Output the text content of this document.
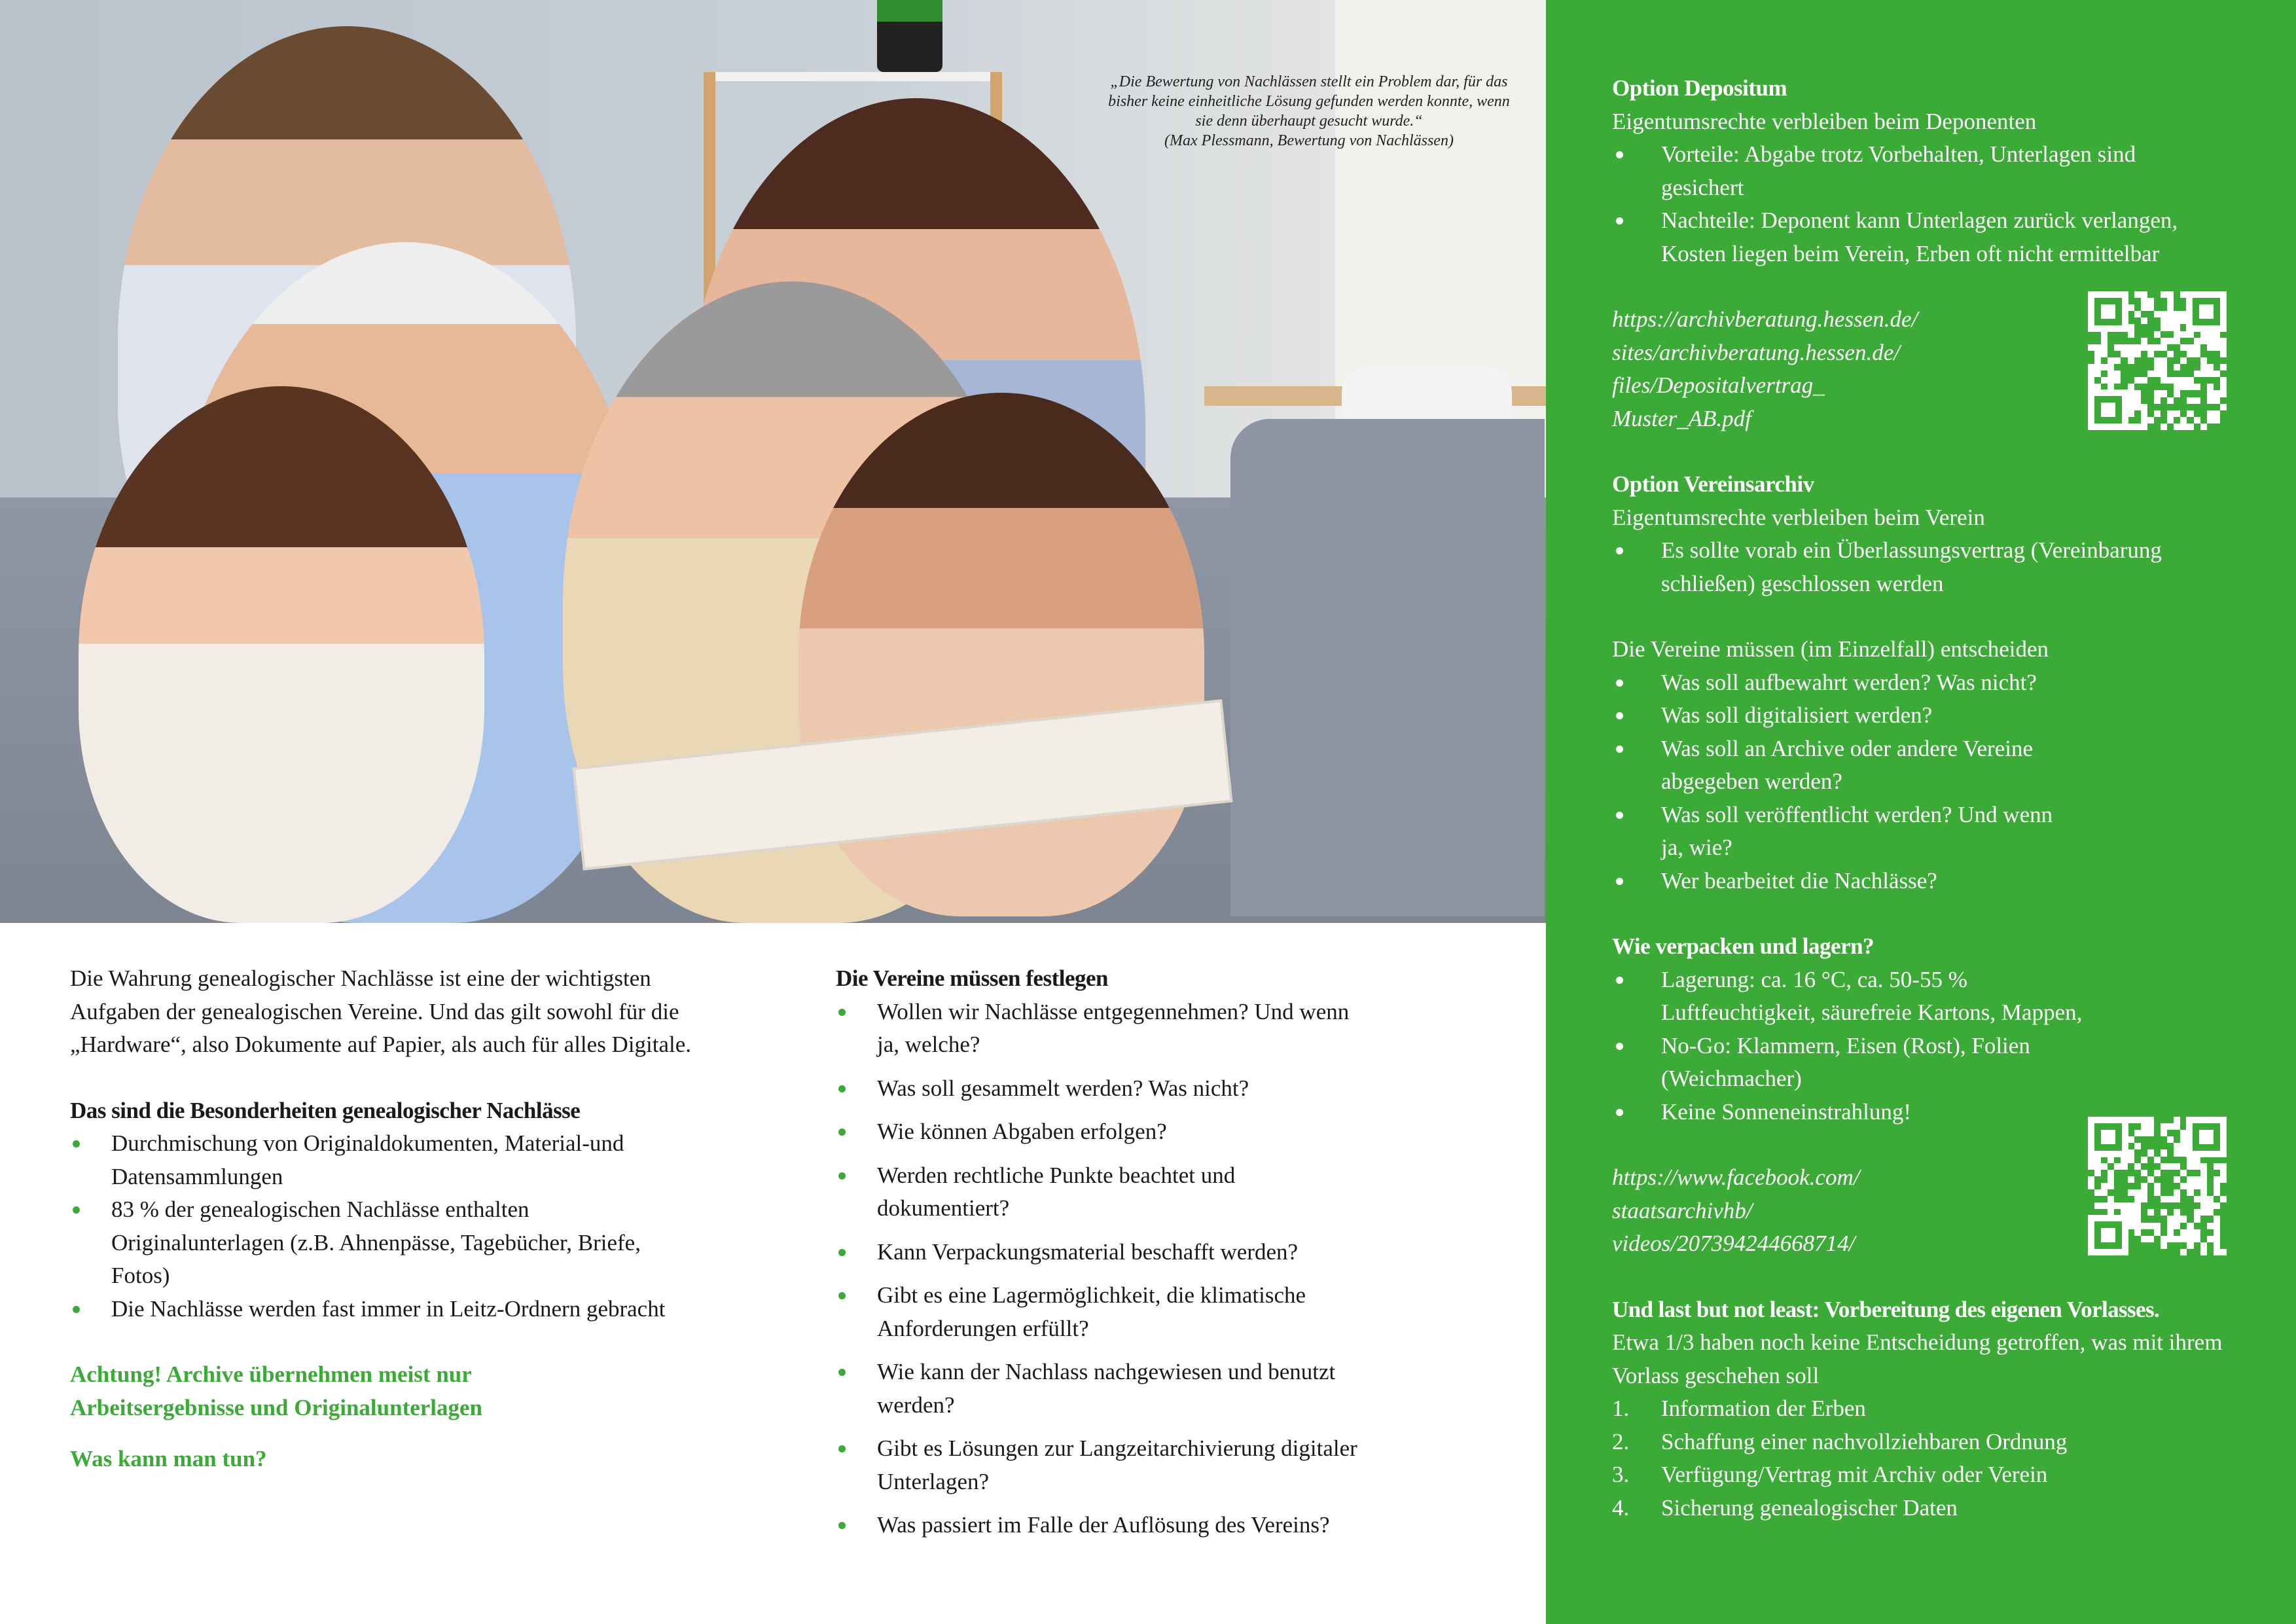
„Die Bewertung von Nachlässen stellt ein Problem dar, für das bisher keine einheitliche Lösung gefunden werden konnte, wenn sie denn überhaupt gesucht wurde.“

(Max Plessmann, Bewertung von Nachlässen)

Die Wahrung genealogischer Nachlässe ist eine der wichtigsten Aufgaben der genealogischen Vereine. Und das gilt sowohl für die „Hardware“, also Dokumente auf Papier, als auch für alles Digitale.

Das sind die Besonderheiten genealogischer Nachlässe

Durchmischung von Originaldokumenten, Material-und Datensammlungen
83 % der genealogischen Nachlässe enthalten Originalunterlagen (z.B. Ahnenpässe, Tagebücher, Briefe, Fotos)
Die Nachlässe werden fast immer in Leitz-Ordnern gebracht

Achtung! Archive übernehmen meist nur Arbeitsergebnisse und Originalunterlagen

Was kann man tun?

Die Vereine müssen festlegen

Wollen wir Nachlässe entgegennehmen? Und wenn ja, welche?
Was soll gesammelt werden? Was nicht?
Wie können Abgaben erfolgen?
Werden rechtliche Punkte beachtet und dokumentiert?
Kann Verpackungsmaterial beschafft werden?
Gibt es eine Lagermöglichkeit, die klimatische Anforderungen erfüllt?
Wie kann der Nachlass nachgewiesen und benutzt werden?
Gibt es Lösungen zur Langzeitarchivierung digitaler Unterlagen?
Was passiert im Falle der Auflösung des Vereins?

Option Depositum

Eigentumsrechte verbleiben beim Deponenten

Vorteile: Abgabe trotz Vorbehalten, Unterlagen sind gesichert
Nachteile: Deponent kann Unterlagen zurück verlangen, Kosten liegen beim Verein, Erben oft nicht ermittelbar
https://archivberatung.hessen.de/
sites/archivberatung.hessen.de/
files/Depositalvertrag_
Muster_AB.pdf

Option Vereinsarchiv

Eigentumsrechte verbleiben beim Verein

Es sollte vorab ein Überlassungsvertrag (Vereinbarung schließen) geschlossen werden

Die Vereine müssen (im Einzelfall) entscheiden

Was soll aufbewahrt werden? Was nicht?
Was soll digitalisiert werden?
Was soll an Archive oder andere Vereine abgegeben werden?
Was soll veröffentlicht werden? Und wenn ja, wie?
Wer bearbeitet die Nachlässe?

Wie verpacken und lagern?

Lagerung: ca. 16 °C, ca. 50-55 % Luftfeuchtigkeit, säurefreie Kartons, Mappen,
No-Go: Klammern, Eisen (Rost), Folien (Weichmacher)
Keine Sonneneinstrahlung!
https://www.facebook.com/
staatsarchivhb/
videos/207394244668714/

Und last but not least: Vorbereitung des eigenen Vorlasses.

Etwa 1/3 haben noch keine Entscheidung getroffen, was mit ihrem Vorlass geschehen soll

1. Information der Erben
2. Schaffung einer nachvollziehbaren Ordnung
3. Verfügung/Vertrag mit Archiv oder Verein
4. Sicherung genealogischer Daten
